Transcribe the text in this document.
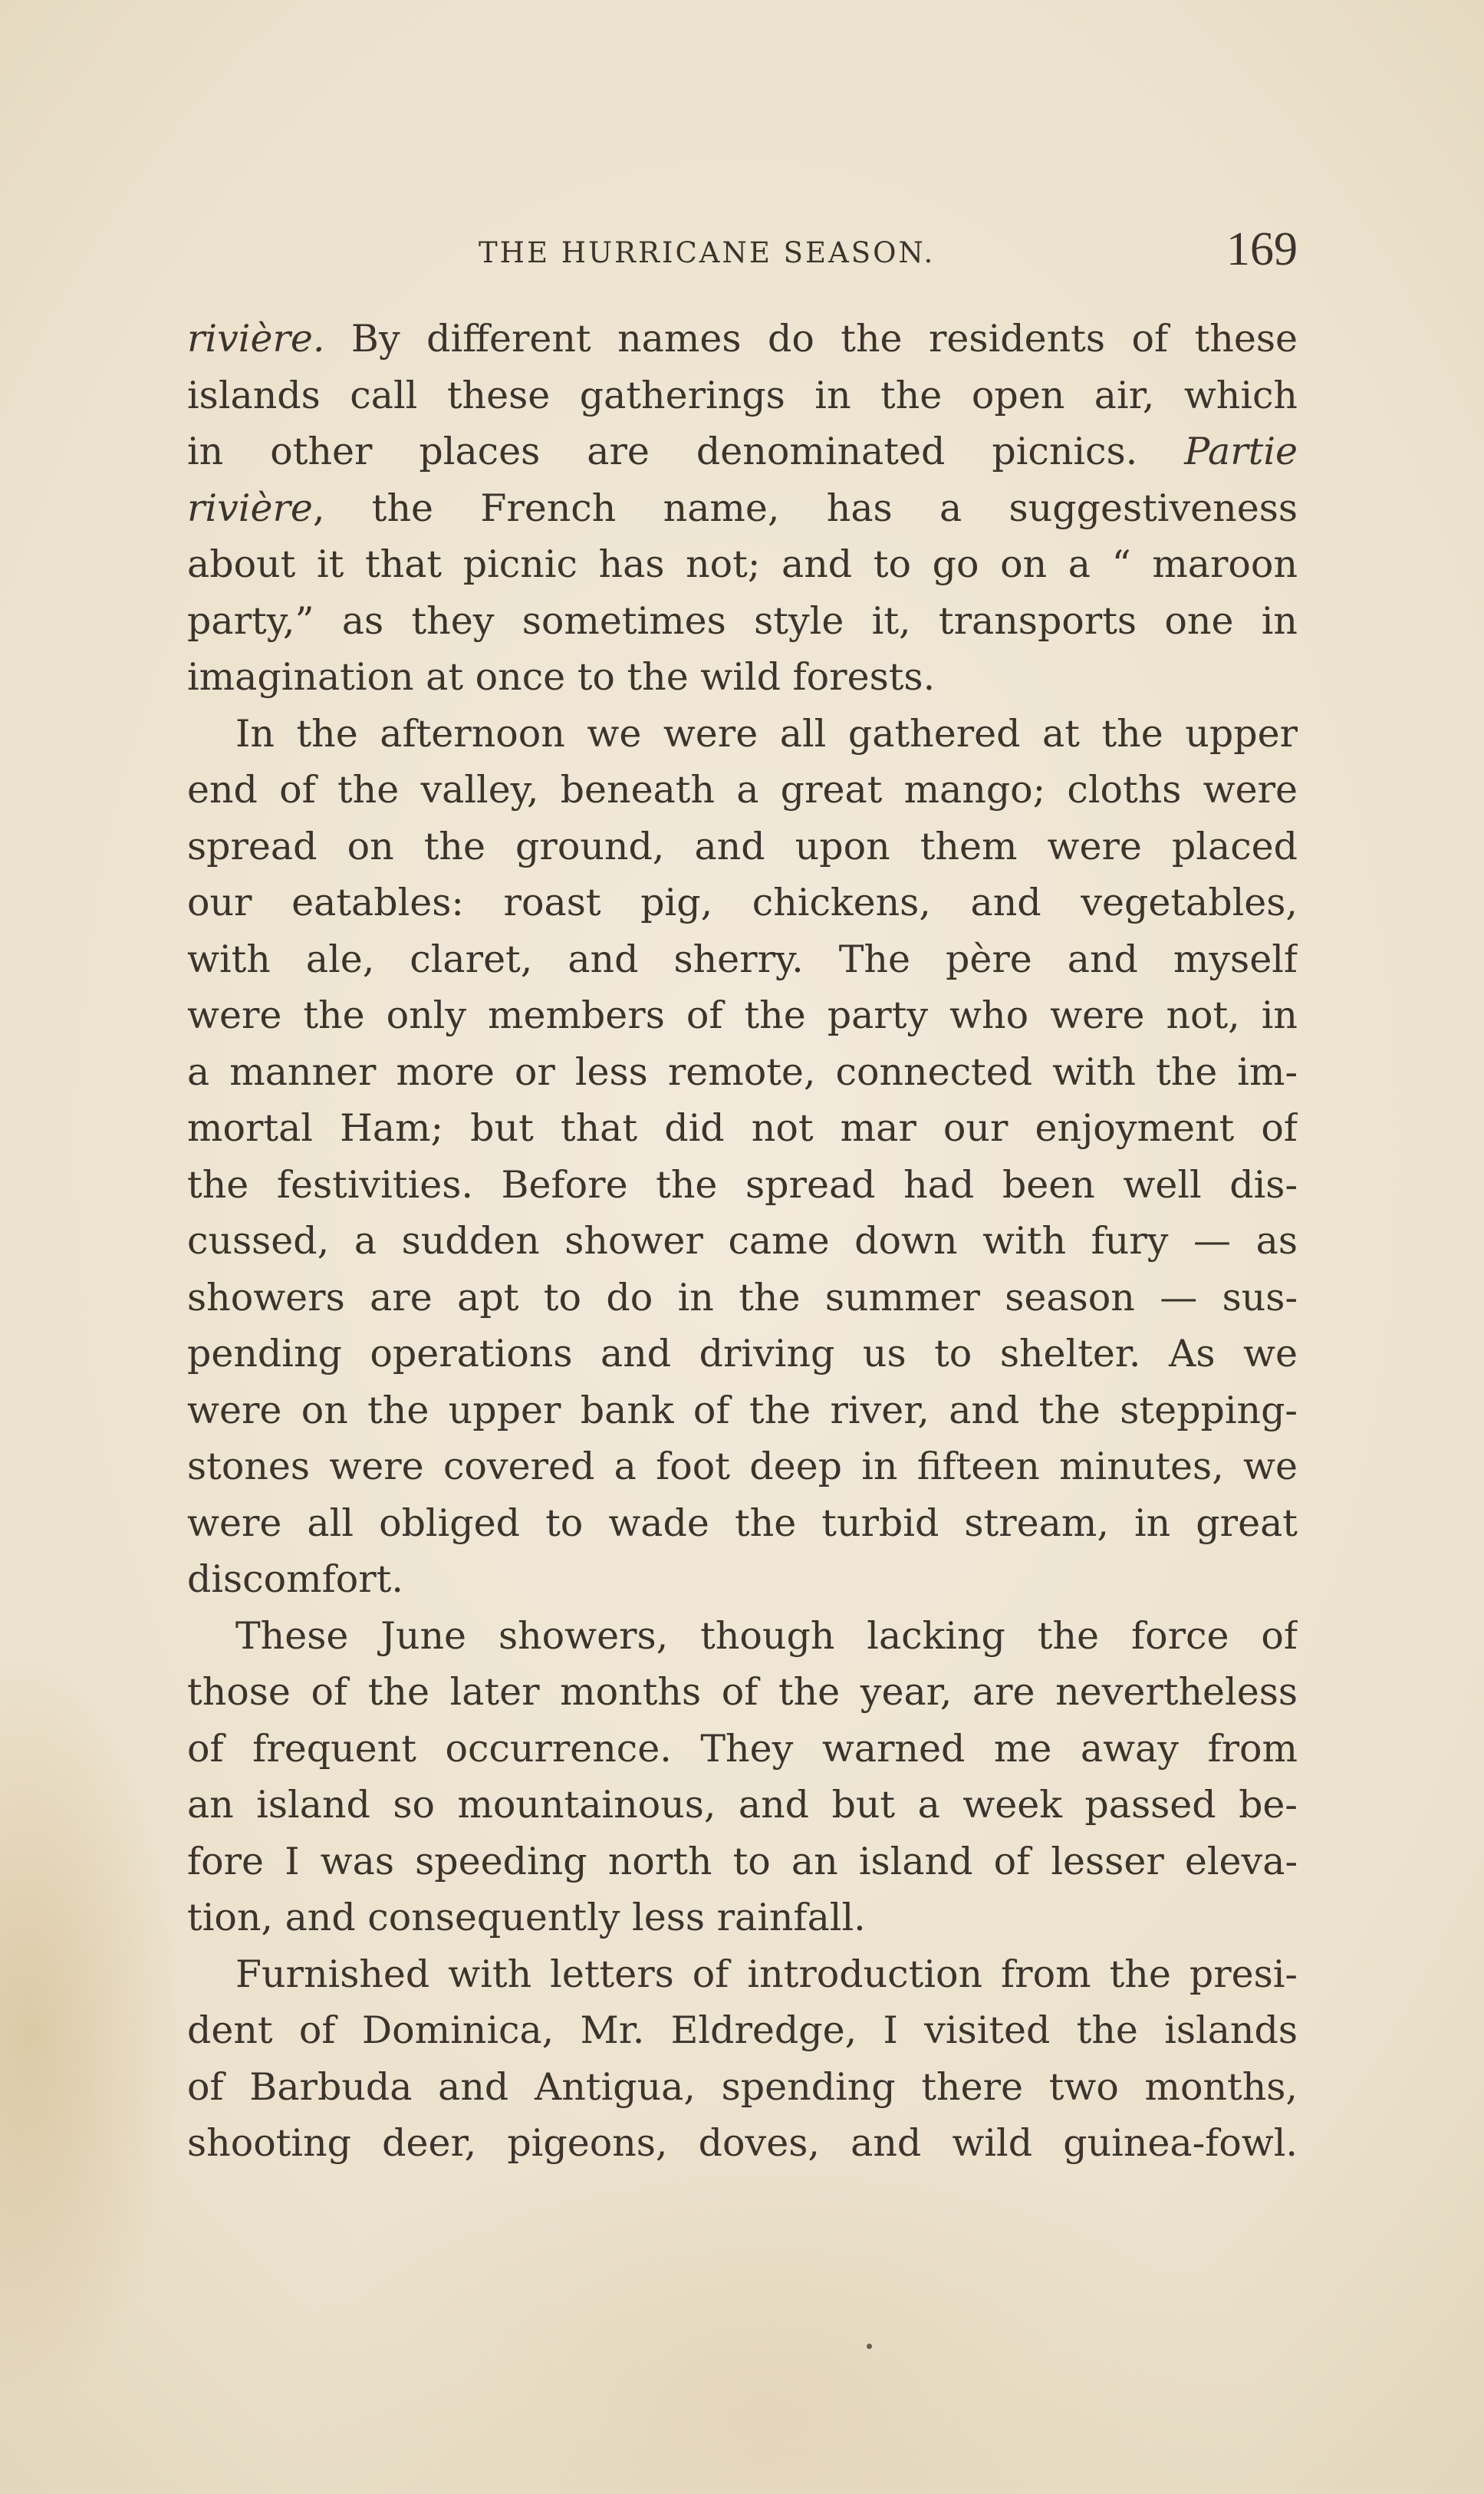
THE HURRICANE SEASON.	169
rivière. By different names do the residents of these
islands call these gatherings in the open air, which
in other places are denominated picnics. Partie
rivière, the French name, has a suggestiveness
about it that picnic has not; and to go on a “ maroon
party,” as they sometimes style it, transports one in
imagination at once to the wild forests.
In the afternoon we were all gathered at the upper
end of the valley, beneath a great mango; cloths were
spread on the ground, and upon them were placed
our eatables: roast pig, chickens, and vegetables,
with ale, claret, and sherry. The père and myself
were the only members of the party who were not, in
a manner more or less remote, connected with the im-
mortal Ham; but that did not mar our enjoyment of
the festivities. Before the spread had been well dis-
cussed, a sudden shower came down with fury — as
showers are apt to do in the summer season — sus-
pending operations and driving us to shelter. As we
were on the upper bank of the river, and the stepping-
stones were covered a foot deep in fifteen minutes, we
were all obliged to wade the turbid stream, in great
discomfort.
These June showers, though lacking the force of
those of the later months of the year, are nevertheless
of frequent occurrence. They warned me away from
an island so mountainous, and but a week passed be-
fore I was speeding north to an island of lesser eleva-
tion, and consequently less rainfall.
Furnished with letters of introduction from the presi-
dent of Dominica, Mr. Eldredge, I visited the islands
of Barbuda and Antigua, spending there two months,
shooting deer, pigeons, doves, and wild guinea-fowl.
